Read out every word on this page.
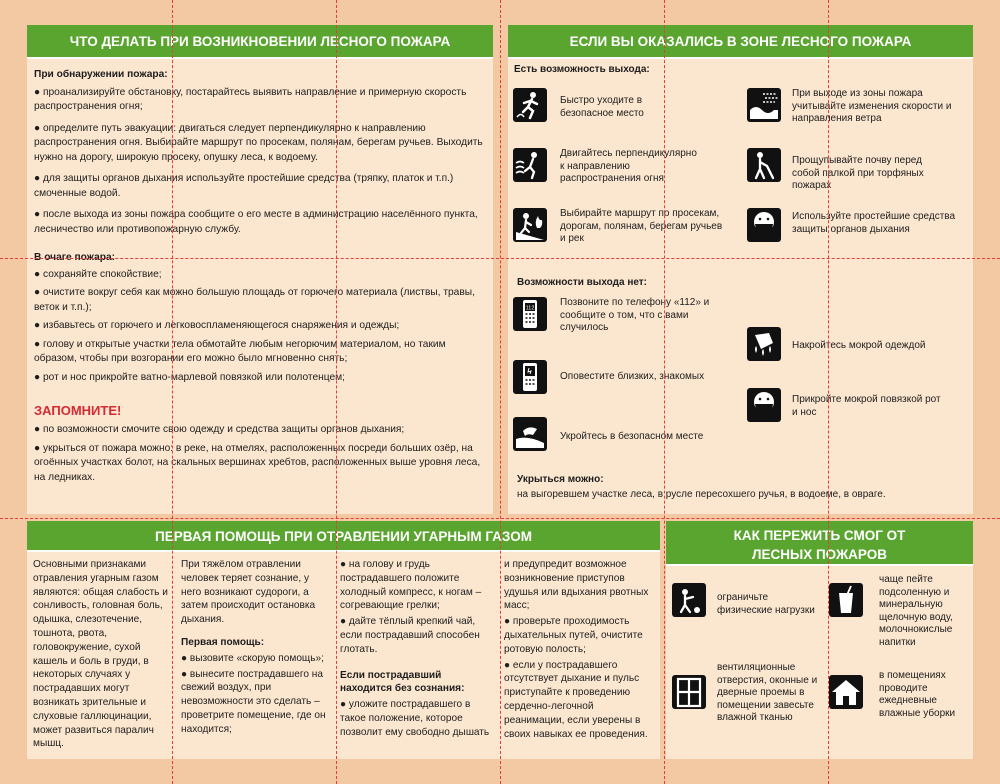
ЧТО ДЕЛАТЬ ПРИ ВОЗНИКНОВЕНИИ ЛЕСНОГО ПОЖАРА
При обнаружении пожара:
● проанализируйте обстановку, постарайтесь выявить направление и примерную скорость распространения огня;
● определите путь эвакуации: двигаться следует перпендикулярно к направлению распространения огня. Выбирайте маршрут по просекам, полянам, берегам ручьев. Выходить нужно на дорогу, широкую просеку, опушку леса, к водоему.
● для защиты органов дыхания используйте простейшие средства (тряпку, платок и т.п.) смоченные водой.
● после выхода из зоны пожара сообщите о его месте в администрацию населённого пункта, лесничество или противопожарную службу.
В очаге пожара:
● сохраняйте спокойствие;
● очистите вокруг себя как можно большую площадь от горючего материала (листвы, травы, веток и т.п.);
● избавьтесь от горючего и легковоспламеняющегося снаряжения и одежды;
● голову и открытые участки тела обмотайте любым негорючим материалом, но таким образом, чтобы при возгорании его можно было мгновенно снять;
● рот и нос прикройте ватно-марлевой повязкой или полотенцем;
ЗАПОМНИТЕ!
● по возможности смочите свою одежду и средства защиты органов дыхания;
● укрыться от пожара можно: в реке, на отмелях, расположенных посреди больших озёр, на огоённых участках болот, на скальных вершинах хребтов, расположенных выше уровня леса, на ледниках.
ЕСЛИ ВЫ ОКАЗАЛИСЬ В ЗОНЕ ЛЕСНОГО ПОЖАРА
Есть возможность выхода:
Быстро уходите в безопасное место
При выходе из зоны пожара учитывайте изменения скорости и направления ветра
Двигайтесь перпендикулярно к направлению распространения огня
Прощупывайте почву перед собой палкой при торфяных пожарах
Выбирайте маршрут по просекам, дорогам, полянам, берегам ручьев и рек
Используйте простейшие средства защиты органов дыхания
Возможности выхода нет:
112
Позвоните по телефону «112» и сообщите о том, что с вами случилось
Накройтесь мокрой одеждой
Оповестите близких, знакомых
Прикройте мокрой повязкой рот и нос
Укройтесь в безопасном месте
Укрыться можно:
на выгоревшем участке леса, в русле пересохшего ручья, в водоеме, в овраге.
ПЕРВАЯ ПОМОЩЬ ПРИ ОТРАВЛЕНИИ УГАРНЫМ ГАЗОМ
Основными признаками отравления угарным газом являются: общая слабость и сонливость, головная боль, одышка, слезотечение, тошнота, рвота, головокружение, сухой кашель и боль в груди, в некоторых случаях у пострадавших могут возникать зрительные и слуховые галлюцинации, может развиться паралич мышц.
При тяжёлом отравлении человек теряет сознание, у него возникают судороги, а затем происходит остановка дыхания.
Первая помощь:
● вызовите «скорую помощь»;
● вынесите пострадавшего на свежий воздух, при невозможности это сделать – проветрите помещение, где он находится;
● на голову и грудь пострадавшего положите холодный компресс, к ногам – согревающие грелки;
● дайте тёплый крепкий чай, если пострадавший способен глотать.
Если пострадавший находится без сознания:
● уложите пострадавшего в такое положение, которое позволит ему свободно дышать
и предупредит возможное возникновение приступов удушья или вдыхания рвотных масс;
● проверьте проходимость дыхательных путей, очистите ротовую полость;
● если у пострадавшего отсутствует дыхание и пульс приступайте к проведению сердечно-легочной реанимации, если уверены в своих навыках ее проведения.
КАК ПЕРЕЖИТЬ СМОГ ОТ ЛЕСНЫХ ПОЖАРОВ
ограничьте физические нагрузки
чаще пейте подсоленную и минеральную щелочную воду, молочнокислые напитки
вентиляционные отверстия, оконные и дверные проемы в помещении завесьте влажной тканью
в помещениях проводите ежедневные влажные уборки
